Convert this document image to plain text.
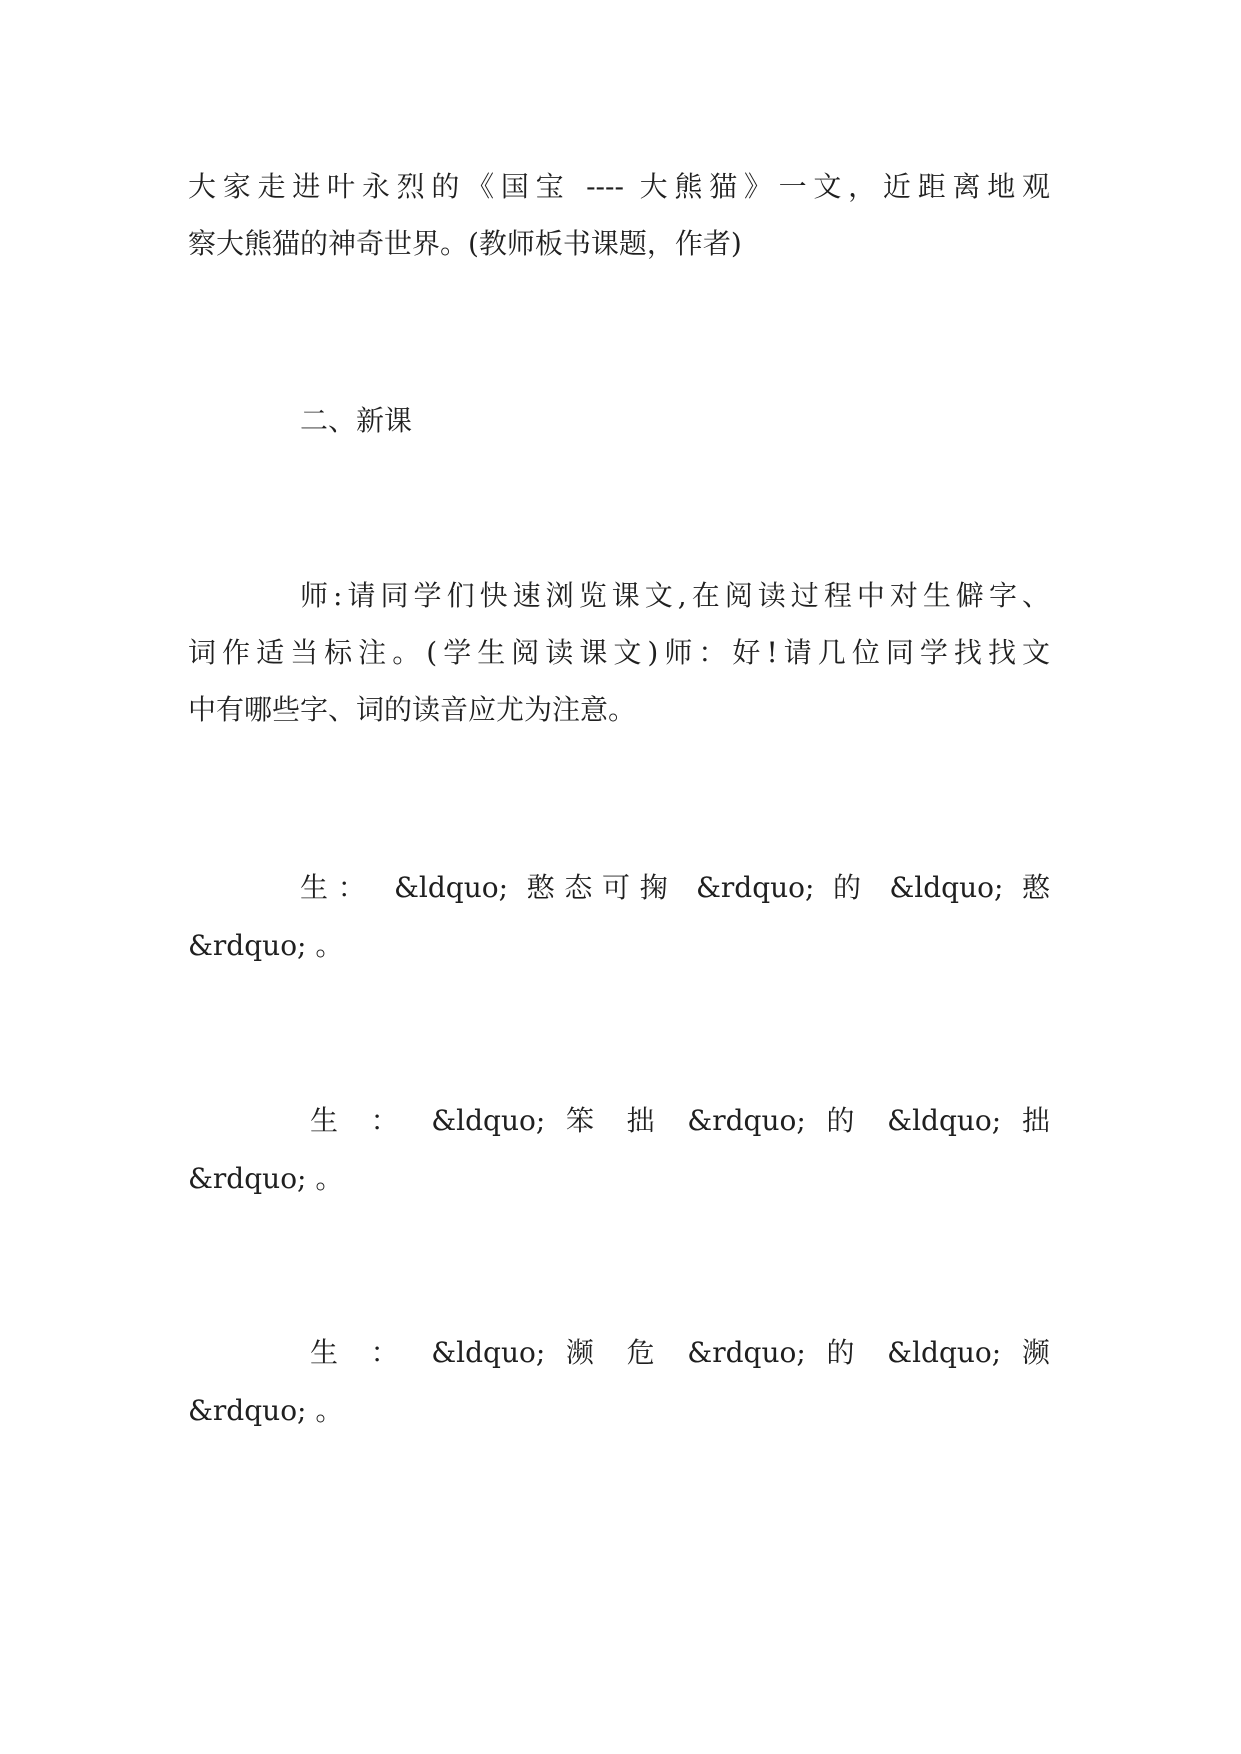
大家走进叶永烈的《国宝 ---- 大熊猫》一文，近距离地观
察大熊猫的神奇世界。(教师板书课题，作者)
二、新课
师:请同学们快速浏览课文,在阅读过程中对生僻字、
词作适当标注。(学生阅读课文)师：好!请几位同学找找文
中有哪些字、词的读音应尤为注意。
生： &ldquo; 憨态可掬 &rdquo; 的 &ldquo; 憨
&rdquo; 。
生 ： &ldquo; 笨 拙 &rdquo; 的 &ldquo; 拙
&rdquo; 。
生 ： &ldquo; 濒 危 &rdquo; 的 &ldquo; 濒
&rdquo; 。
